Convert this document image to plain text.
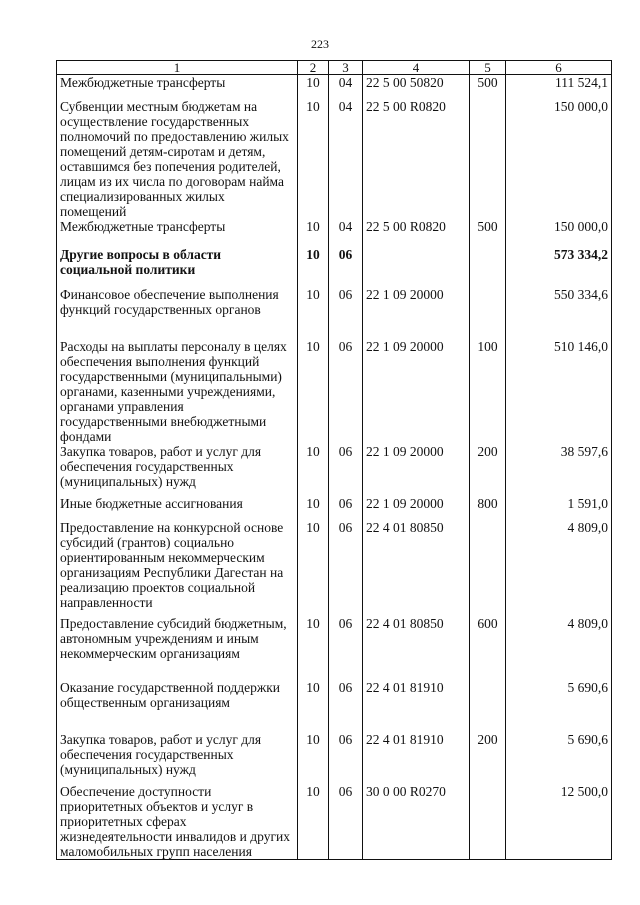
223
1	2	3	4	5	6
Межбюджетные трансферты	10	04	22 5 00 50820	500	111 524,1
Субвенции местным бюджетам на осуществление государственных полномочий по предоставлению жилых помещений детям-сиротам и детям, оставшимся без попечения родителей, лицам из их числа по договорам найма специализированных жилых помещений	10	04	22 5 00 R0820		150 000,0
Межбюджетные трансферты	10	04	22 5 00 R0820	500	150 000,0
Другие вопросы в области социальной политики	10	06			573 334,2
Финансовое обеспечение выполнения функций государственных органов	10	06	22 1 09 20000		550 334,6
Расходы на выплаты персоналу в целях обеспечения выполнения функций государственными (муниципальными) органами, казенными учреждениями, органами управления государственными внебюджетными фондами	10	06	22 1 09 20000	100	510 146,0
Закупка товаров, работ и услуг для обеспечения государственных (муниципальных) нужд	10	06	22 1 09 20000	200	38 597,6
Иные бюджетные ассигнования	10	06	22 1 09 20000	800	1 591,0
Предоставление на конкурсной основе субсидий (грантов) социально ориентированным некоммерческим организациям Республики Дагестан на реализацию проектов социальной направленности	10	06	22 4 01 80850		4 809,0
Предоставление субсидий бюджетным, автономным учреждениям и иным некоммерческим организациям	10	06	22 4 01 80850	600	4 809,0
Оказание государственной поддержки общественным организациям	10	06	22 4 01 81910		5 690,6
Закупка товаров, работ и услуг для обеспечения государственных (муниципальных) нужд	10	06	22 4 01 81910	200	5 690,6
Обеспечение доступности приоритетных объектов и услуг в приоритетных сферах жизнедеятельности инвалидов и других маломобильных групп населения	10	06	30 0 00 R0270		12 500,0
